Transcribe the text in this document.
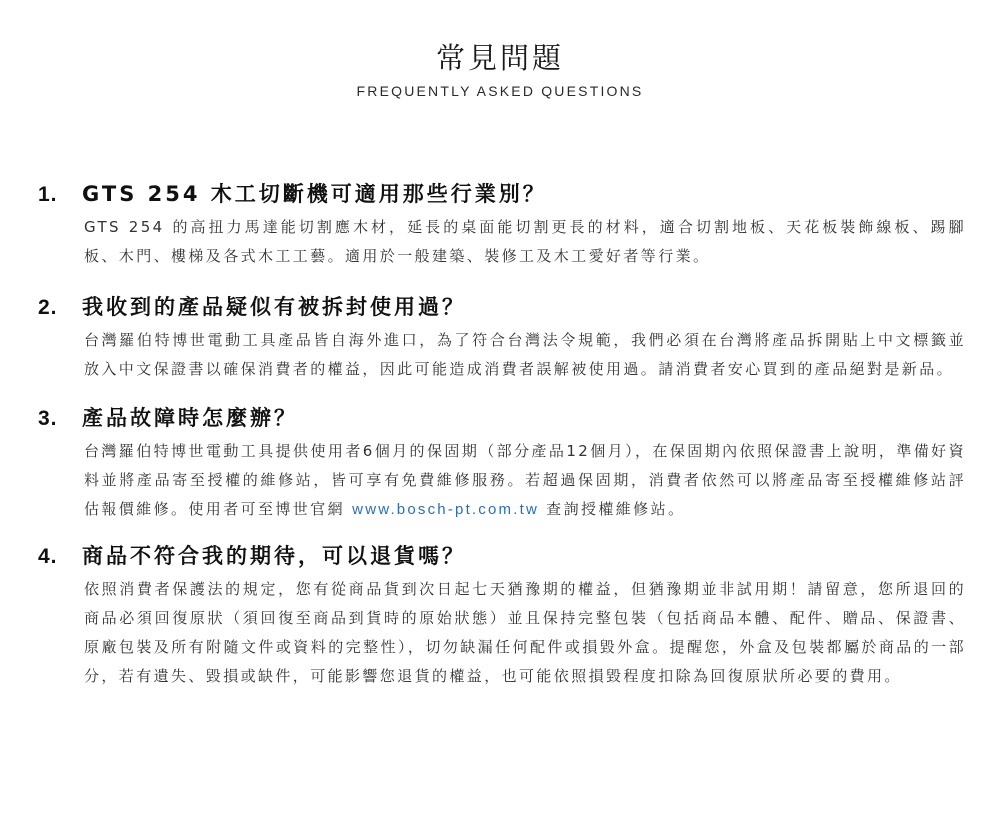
常見問題
FREQUENTLY ASKED QUESTIONS
1. GTS 254 木工切斷機可適用那些行業別？
GTS 254 的高扭力馬達能切割應木材，延長的桌面能切割更長的材料，適合切割地板、天花板裝飾線板、踢腳板、木門、樓梯及各式木工工藝。適用於一般建築、裝修工及木工愛好者等行業。
2. 我收到的產品疑似有被拆封使用過？
台灣羅伯特博世電動工具產品皆自海外進口，為了符合台灣法令規範，我們必須在台灣將產品拆開貼上中文標籤並放入中文保證書以確保消費者的權益，因此可能造成消費者誤解被使用過。請消費者安心買到的產品絕對是新品。
3. 產品故障時怎麼辦？
台灣羅伯特博世電動工具提供使用者6個月的保固期（部分產品12個月），在保固期內依照保證書上說明，準備好資料並將產品寄至授權的維修站，皆可享有免費維修服務。若超過保固期，消費者依然可以將產品寄至授權維修站評估報價維修。使用者可至博世官網 www.bosch-pt.com.tw 查詢授權維修站。
4. 商品不符合我的期待，可以退貨嗎？
依照消費者保護法的規定，您有從商品貨到次日起七天猶豫期的權益，但猶豫期並非試用期！請留意，您所退回的商品必須回復原狀（須回復至商品到貨時的原始狀態）並且保持完整包裝（包括商品本體、配件、贈品、保證書、原廠包裝及所有附隨文件或資料的完整性），切勿缺漏任何配件或損毀外盒。提醒您，外盒及包裝都屬於商品的一部分，若有遺失、毀損或缺件，可能影響您退貨的權益，也可能依照損毀程度扣除為回復原狀所必要的費用。
